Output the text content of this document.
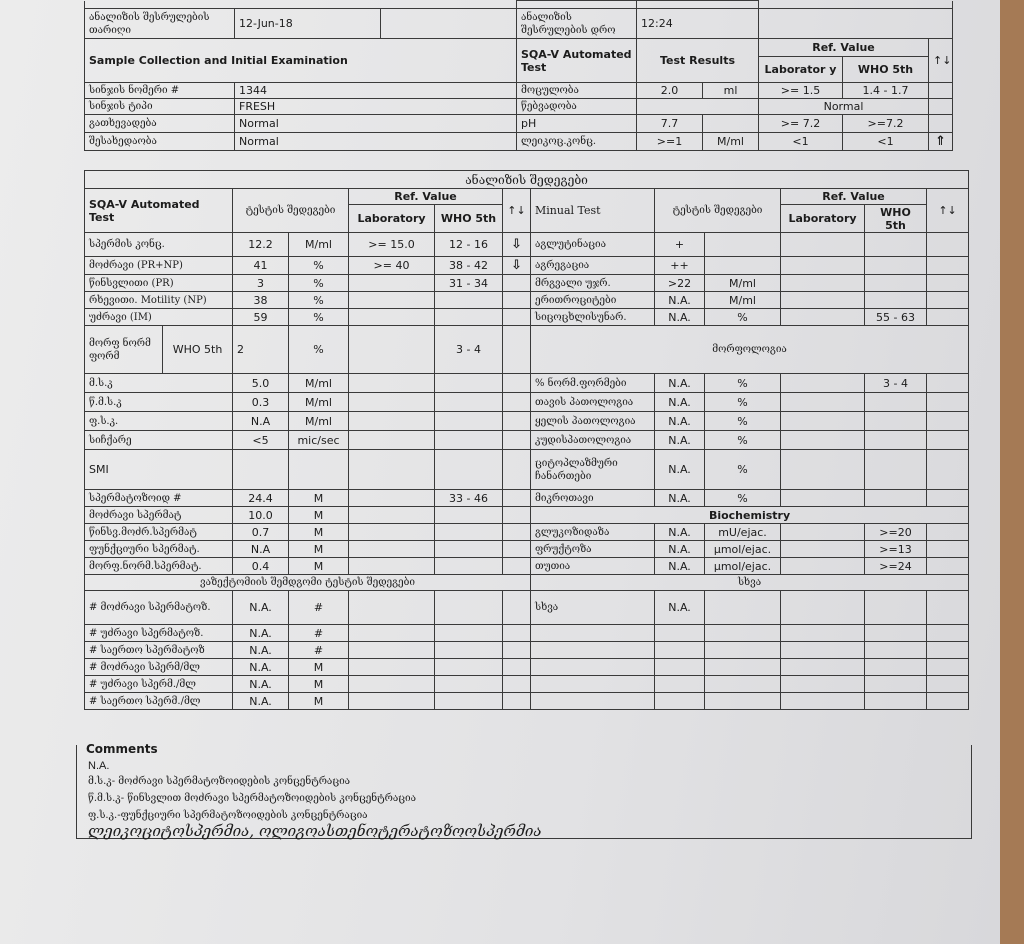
ანალიზის შესრულების თარიღი	12-Jun-18		ანალიზის შესრულების დრო	12:24				
Sample Collection and Initial Examination			SQA-V Automated Test	Test Results		Ref. Value		↑↓
						Laborator y	WHO 5th	
სინჯის ნომერი #	1344		მოცულობა	2.0	ml	>= 1.5	1.4 - 1.7	
სინჯის ტიპი	FRESH		წებვადობა			Normal		
გათხევადება	Normal		pH	7.7		>= 7.2	>=7.2	
შესახედაობა	Normal		ლეიკოც.კონც.	>=1	M/ml	<1	<1	⇑
ანალიზის შედეგები												
SQA-V Automated Test		ტესტის შედეგები		Ref. Value		↑↓	Minual Test	ტესტის შედეგები		Ref. Value		↑↓
				Laboratory	WHO 5th					Laboratory	WHO 5th	
სპერმის კონც.		12.2	M/ml	>= 15.0	12 - 16	⇩	აგლუტინაცია	+				
მოძრავი (PR+NP)		41	%	>= 40	38 - 42	⇩	აგრეგაცია	++				
წინსვლითი (PR)		3	%		31 - 34		მრგვალი უჯრ.	>22	M/ml			
რხევითი. Motility (NP)		38	%				ერითროციტები	N.A.	M/ml			
უძრავი (IM)		59	%				სიცოცხლისუნარ.	N.A.	%		55 - 63	
მორფ ნორმ ფორმ	WHO 5th	2	%		3 - 4		მორფოლოგია					
მ.ს.კ		5.0	M/ml				% ნორმ.ფორმები	N.A.	%		3 - 4	
წ.მ.ს.კ		0.3	M/ml				თავის პათოლოგია	N.A.	%			
ფ.ს.კ.		N.A	M/ml				ყელის პათოლოგია	N.A.	%			
სიჩქარე		<5	mic/sec				კუდისპათოლოგია	N.A.	%			
SMI							ციტოპლაზმური ჩანართები	N.A.	%			
სპერმატოზოიდ #		24.4	M		33 - 46		მიკროთავი	N.A.	%			
მოძრავი სპერმატ		10.0	M				Biochemistry					
წინსვ.მოძრ.სპერმატ		0.7	M				გლუკოზიდაზა	N.A.	mU/ejac.		>=20	
ფუნქციური სპერმატ.		N.A	M				ფრუქტოზა	N.A.	μmol/ejac.		>=13	
მორფ.ნორმ.სპერმატ.		0.4	M				თუთია	N.A.	μmol/ejac.		>=24	
ვაზექტომიის შემდგომი ტესტის შედეგები							სხვა					
# მოძრავი სპერმატოზ.		N.A.	#				სხვა	N.A.				
# უძრავი სპერმატოზ.		N.A.	#									
# საერთო სპერმატოზ		N.A.	#									
# მოძრავი სპერმ/მლ		N.A.	M									
# უძრავი სპერმ./მლ		N.A.	M									
# საერთო სპერმ./მლ		N.A.	M									
Comments
N.A.
მ.ს.კ- მოძრავი სპერმატოზოიდების კონცენტრაცია
წ.მ.ს.კ- წინსვლით მოძრავი სპერმატოზოიდების კონცენტრაცია
ფ.ს.კ.-ფუნქციური სპერმატოზოიდების კონცენტრაცია
ლეიკოციტოსპერმია, ოლიგოასთენოტერატოზოოსპერმია
